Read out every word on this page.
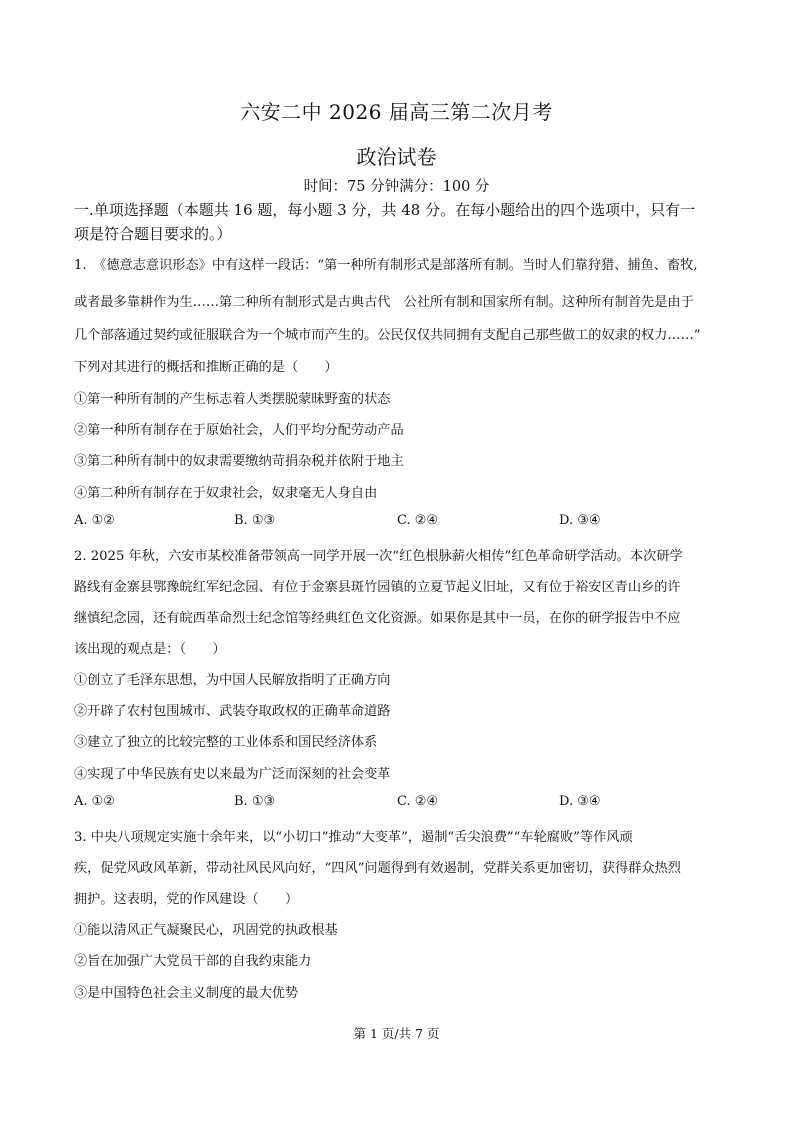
六安二中 2026 届高三第二次月考
政治试卷
时间：75 分钟满分：100 分
一.单项选择题（本题共 16 题，每小题 3 分，共 48 分。在每小题给出的四个选项中，只有一
项是符合题目要求的。）
1.　《德意志意识形态》中有这样一段话：“第一种所有制形式是部落所有制。当时人们靠狩猎、捕鱼、畜牧,
或者最多靠耕作为生……第二种所有制形式是古典古代　公社所有制和国家所有制。这种所有制首先是由于
几个部落通过契约或征服联合为一个城市而产生的。公民仅仅共同拥有支配自己那些做工的奴隶的权力……”
下列对其进行的概括和推断正确的是（　　）
①第一种所有制的产生标志着人类摆脱蒙昧野蛮的状态
②第一种所有制存在于原始社会，人们平均分配劳动产品
③第二种所有制中的奴隶需要缴纳苛捐杂税并依附于地主
④第二种所有制存在于奴隶社会，奴隶毫无人身自由
A. ①②	B. ①③	C. ②④	D. ③④
2. 2025 年秋，六安市某校准备带领高一同学开展一次“红色根脉薪火相传”红色革命研学活动。本次研学
路线有金寨县鄂豫皖红军纪念园、有位于金寨县斑竹园镇的立夏节起义旧址，又有位于裕安区青山乡的许
继慎纪念园，还有皖西革命烈士纪念馆等经典红色文化资源。如果你是其中一员，在你的研学报告中不应
该出现的观点是：（　　）
①创立了毛泽东思想，为中国人民解放指明了正确方向
②开辟了农村包围城市、武装夺取政权的正确革命道路
③建立了独立的比较完整的工业体系和国民经济体系
④实现了中华民族有史以来最为广泛而深刻的社会变革
A. ①②	B. ①③	C. ②④	D. ③④
3. 中央八项规定实施十余年来，以“小切口”推动“大变革”，遏制“舌尖浪费”“车轮腐败”等作风顽
疾，促党风政风革新，带动社风民风向好，“四风”问题得到有效遏制，党群关系更加密切，获得群众热烈
拥护。这表明，党的作风建设（　　）
①能以清风正气凝聚民心，巩固党的执政根基
②旨在加强广大党员干部的自我约束能力
③是中国特色社会主义制度的最大优势
第 1 页/共 7 页
